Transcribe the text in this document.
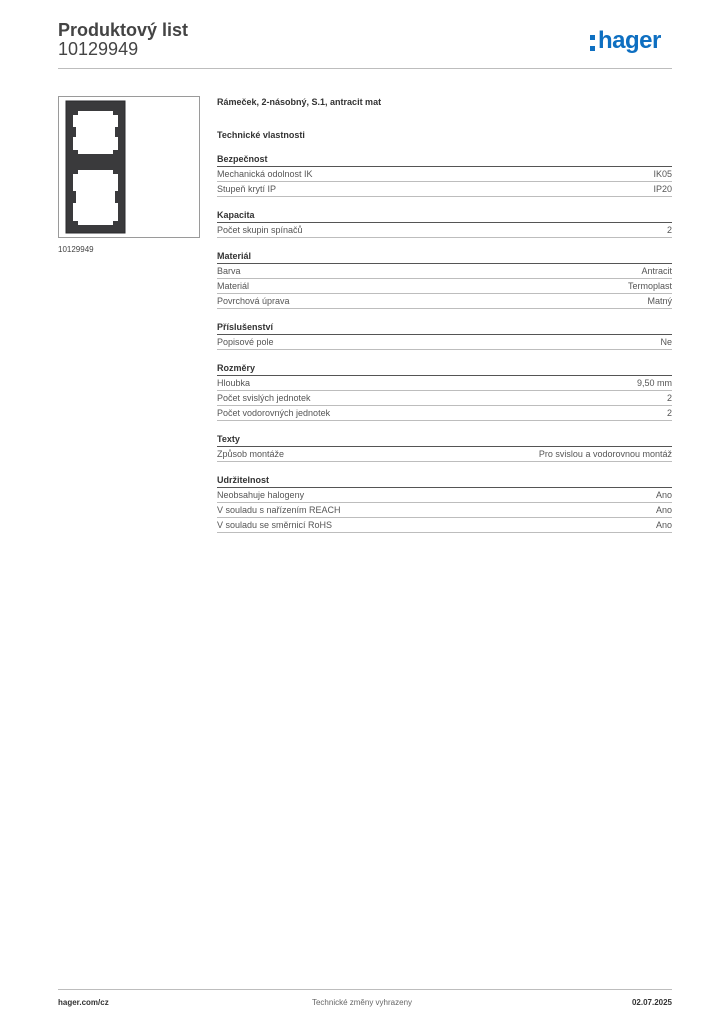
Produktový list
10129949	hager
10129949
Rámeček, 2-násobný, S.1, antracit mat
Technické vlastnosti
Bezpečnost
Mechanická odolnost IK	IK05
Stupeň krytí IP	IP20
Kapacita
Počet skupin spínačů	2
Materiál
Barva	Antracit
Materiál	Termoplast
Povrchová úprava	Matný
Příslušenství
Popisové pole	Ne
Rozměry
Hloubka	9,50 mm
Počet svislých jednotek	2
Počet vodorovných jednotek	2
Texty
Způsob montáže	Pro svislou a vodorovnou montáž
Udržitelnost
Neobsahuje halogeny	Ano
V souladu s nařízením REACH	Ano
V souladu se směrnicí RoHS	Ano
hager.com/cz	Technické změny vyhrazeny	02.07.2025
